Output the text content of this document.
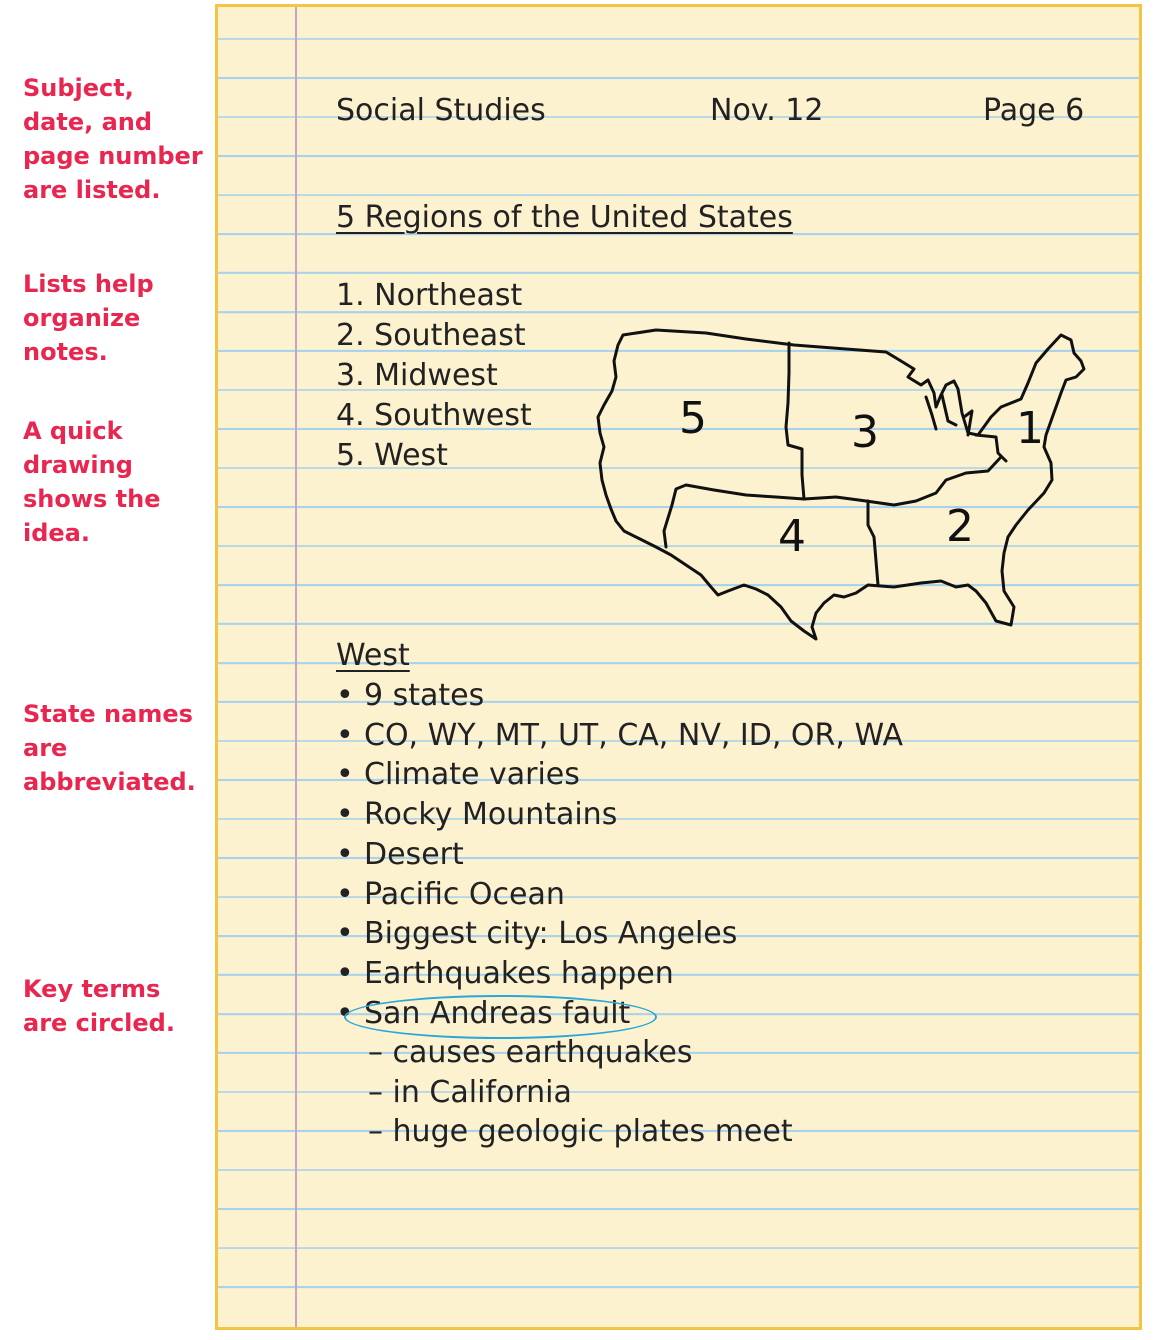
Subject,
date, and
page number
are listed.
Lists help
organize
notes.
A quick
drawing
shows the
idea.
State names
are
abbreviated.
Key terms
are circled.
Social Studies	Nov. 12	Page 6
5 Regions of the United States
1. Northeast
2. Southeast
3. Midwest
4. Southwest
5. West
5	3	1
4	2
West
• 9 states
• CO, WY, MT, UT, CA, NV, ID, OR, WA
• Climate varies
• Rocky Mountains
• Desert
• Pacific Ocean
• Biggest city: Los Angeles
• Earthquakes happen
• San Andreas fault
– causes earthquakes
– in California
– huge geologic plates meet
